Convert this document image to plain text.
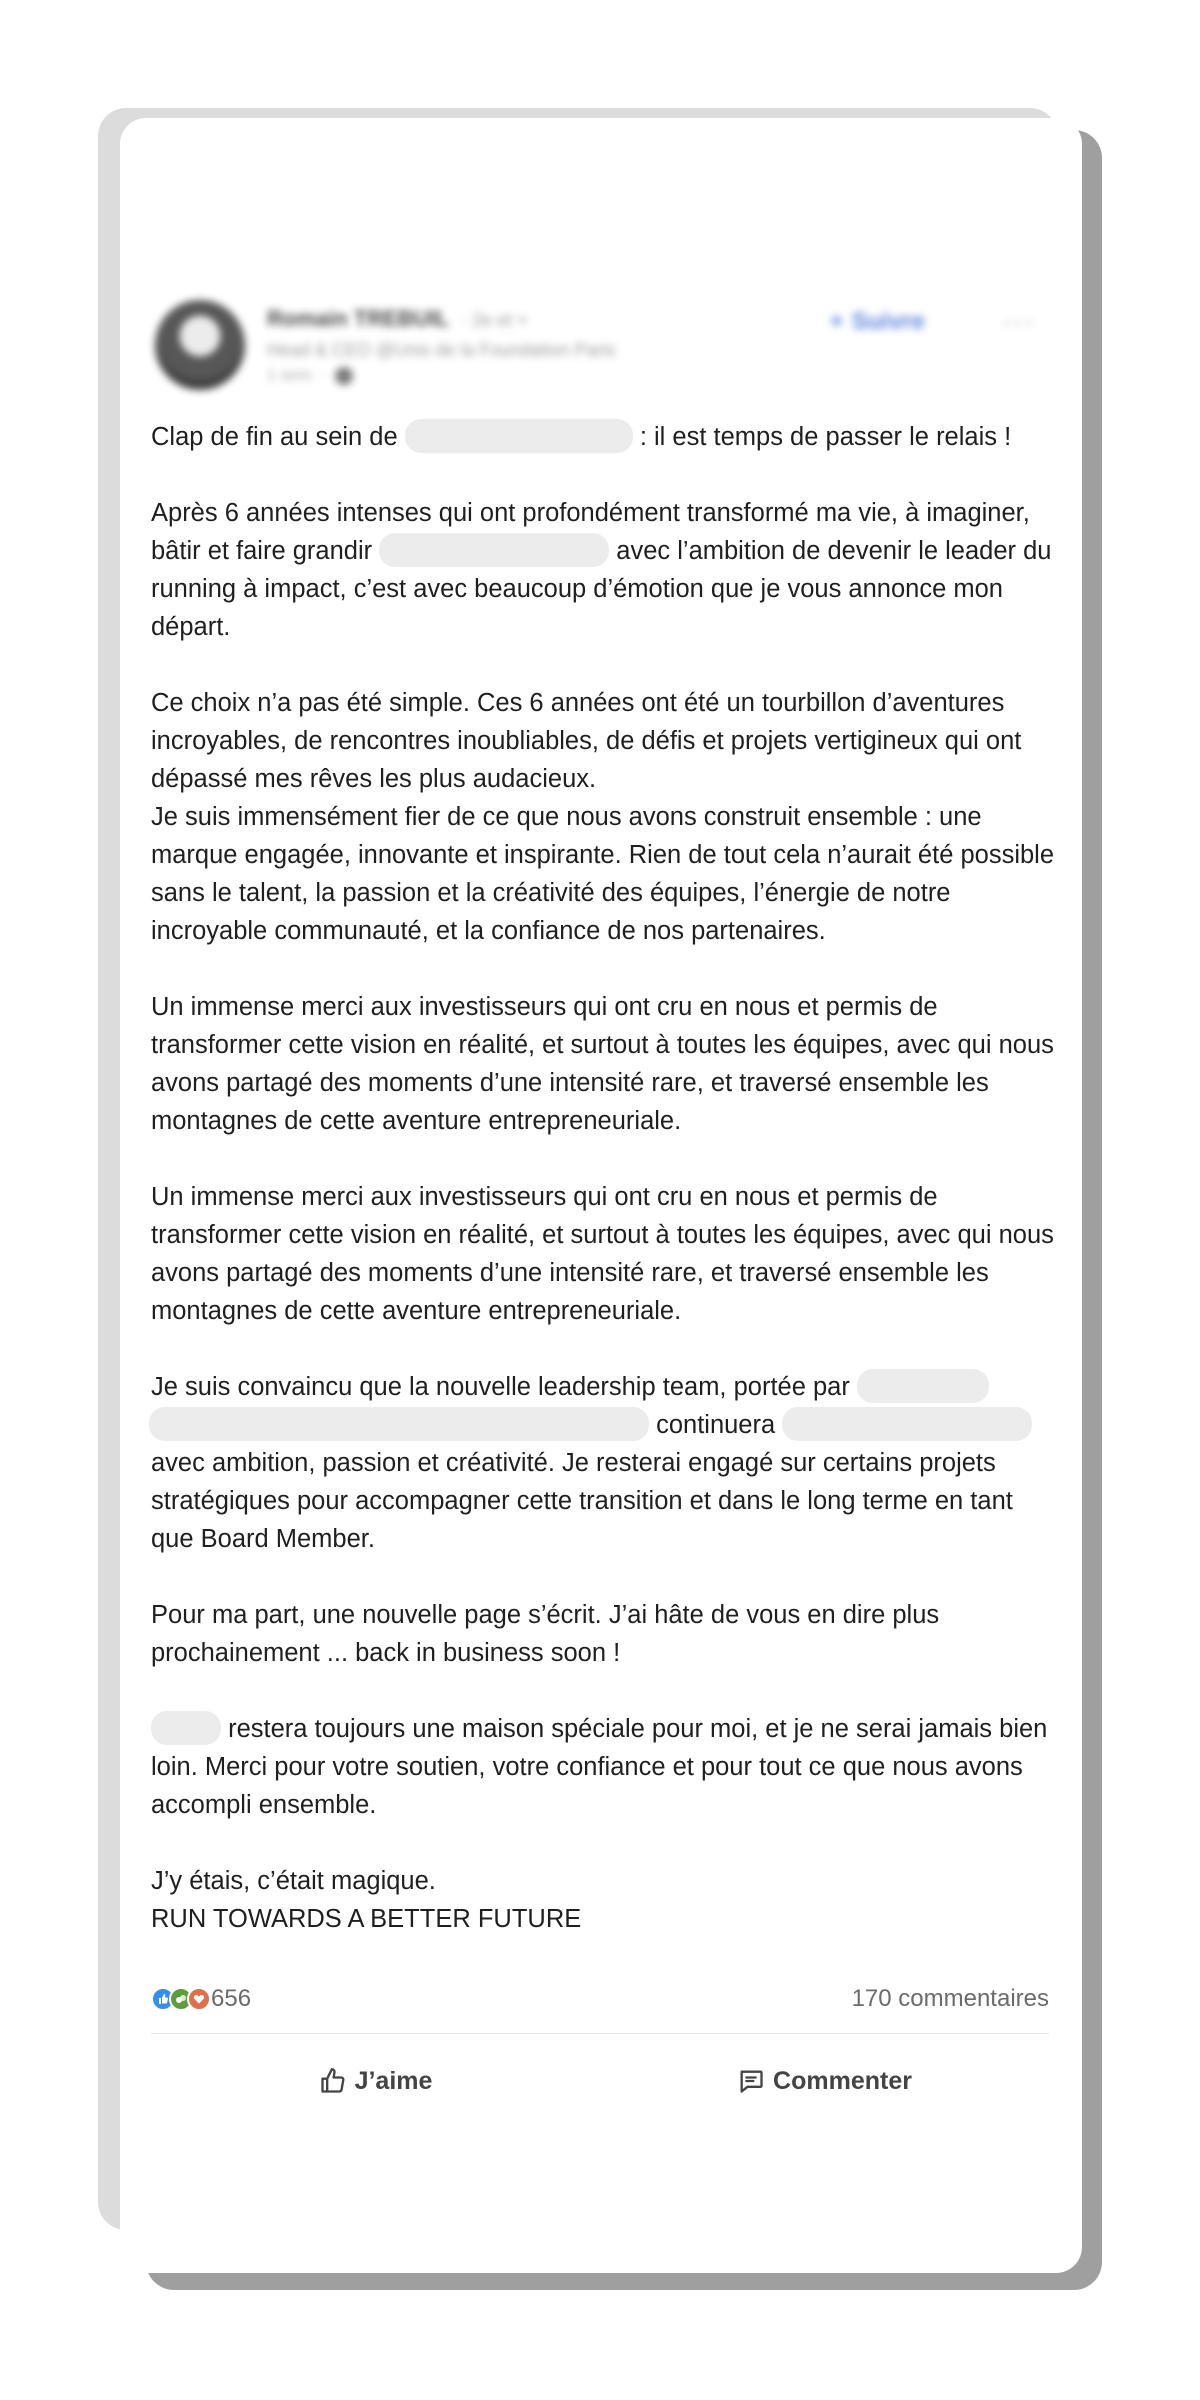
Romain TREBUIL · 2e et +
Head & CEO @Unis de la Foundation Paris
1 sem. ·
+ Suivre	···

Clap de fin au sein de	: il est temps de passer le relais !

Après 6 années intenses qui ont profondément transformé ma vie, à imaginer, bâtir et faire grandir	avec l’ambition de devenir le leader du running à impact, c’est avec beaucoup d’émotion que je vous annonce mon départ.

Ce choix n’a pas été simple. Ces 6 années ont été un tourbillon d’aventures incroyables, de rencontres inoubliables, de défis et projets vertigineux qui ont dépassé mes rêves les plus audacieux.

Je suis immensément fier de ce que nous avons construit ensemble : une marque engagée, innovante et inspirante. Rien de tout cela n’aurait été possible sans le talent, la passion et la créativité des équipes, l’énergie de notre incroyable communauté, et la confiance de nos partenaires.

Un immense merci aux investisseurs qui ont cru en nous et permis de transformer cette vision en réalité, et surtout à toutes les équipes, avec qui nous avons partagé des moments d’une intensité rare, et traversé ensemble les montagnes de cette aventure entrepreneuriale.

Un immense merci aux investisseurs qui ont cru en nous et permis de transformer cette vision en réalité, et surtout à toutes les équipes, avec qui nous avons partagé des moments d’une intensité rare, et traversé ensemble les montagnes de cette aventure entrepreneuriale.

Je suis convaincu que la nouvelle leadership team, portée par  continuera  avec ambition, passion et créativité. Je resterai engagé sur certains projets stratégiques pour accompagner cette transition et dans le long terme en tant que Board Member.

Pour ma part, une nouvelle page s’écrit. J’ai hâte de vous en dire plus prochainement ... back in business soon !

restera toujours une maison spéciale pour moi, et je ne serai jamais bien loin. Merci pour votre soutien, votre confiance et pour tout ce que nous avons accompli ensemble.

J’y étais, c’était magique.
RUN TOWARDS A BETTER FUTURE

656	170 commentaires
J’aime	Commenter
